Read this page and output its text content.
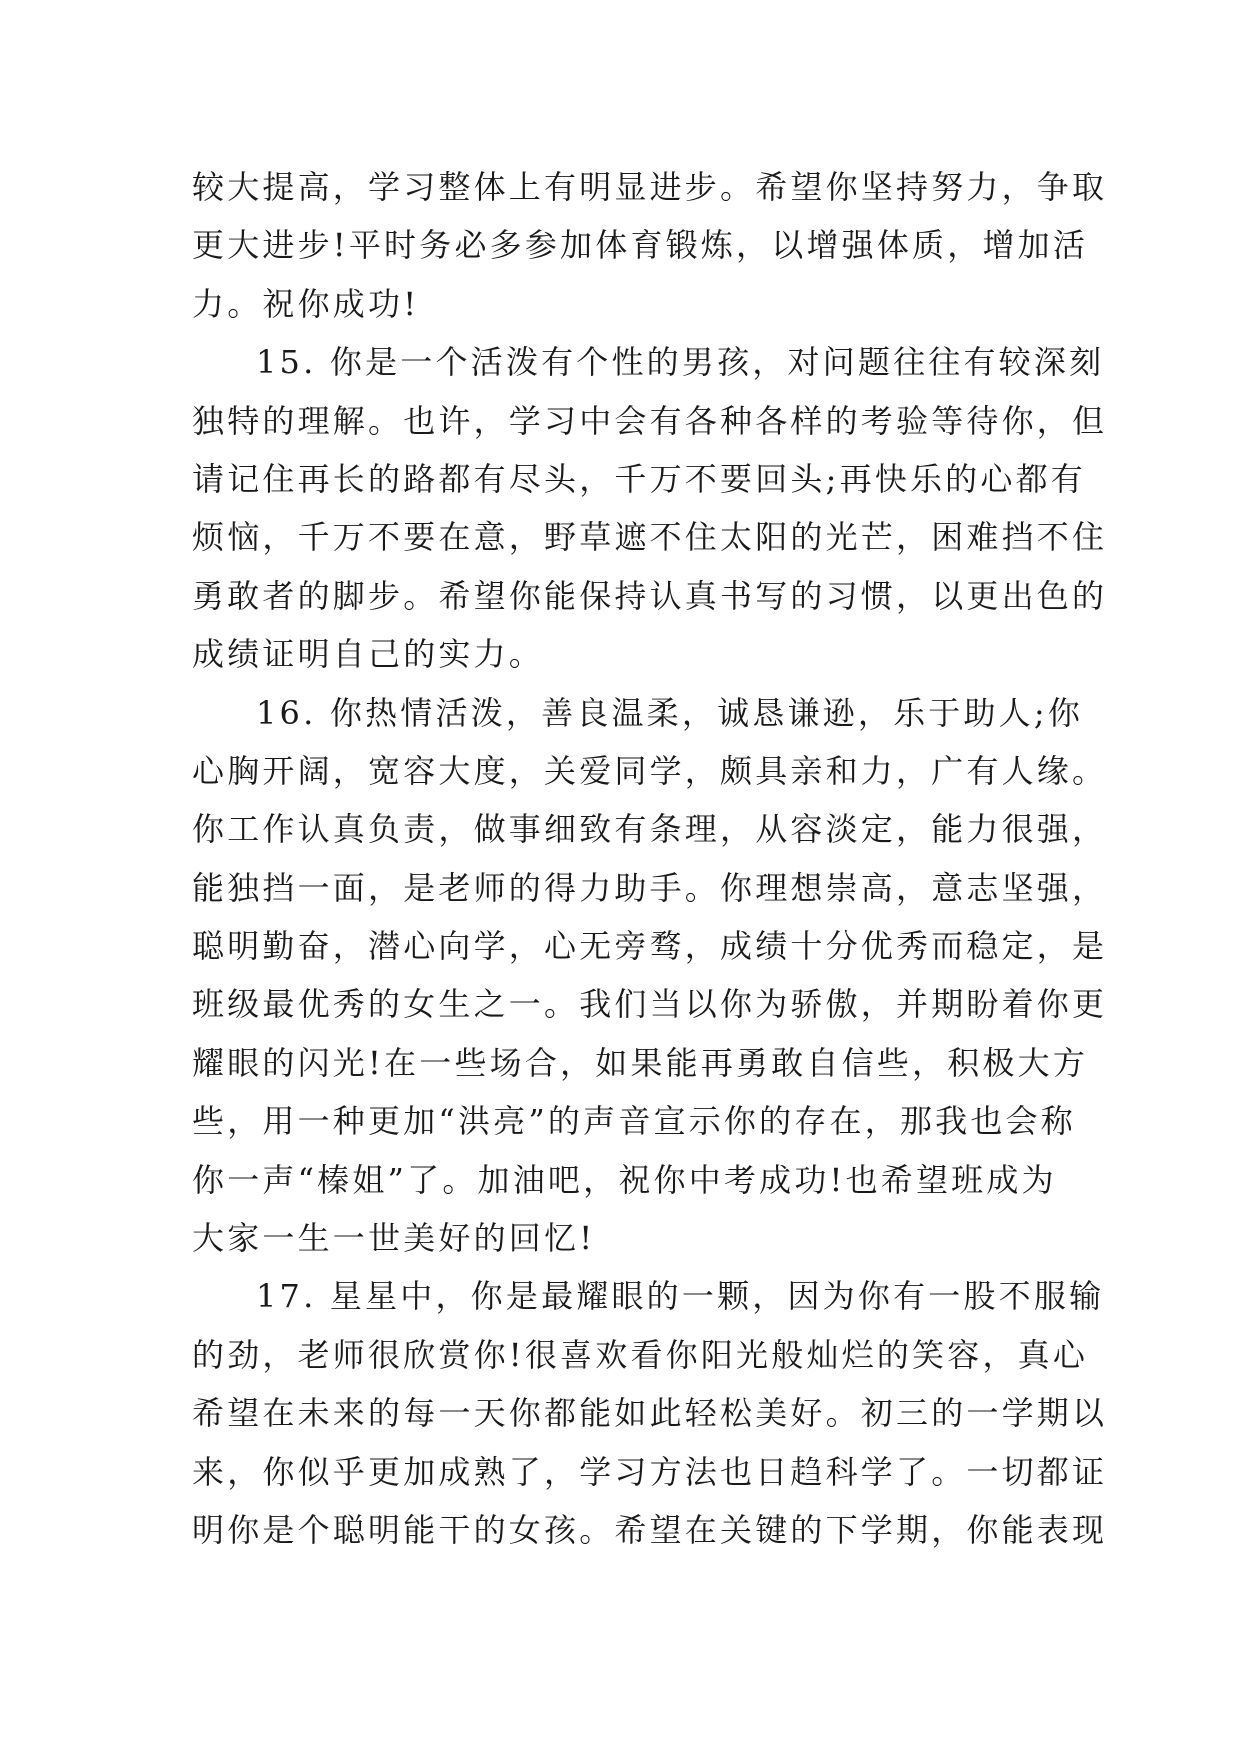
较大提高，学习整体上有明显进步。希望你坚持努力，争取
更大进步!平时务必多参加体育锻炼，以增强体质，增加活
力。祝你成功!
15. 你是一个活泼有个性的男孩，对问题往往有较深刻
独特的理解。也许，学习中会有各种各样的考验等待你，但
请记住再长的路都有尽头，千万不要回头;再快乐的心都有
烦恼，千万不要在意，野草遮不住太阳的光芒，困难挡不住
勇敢者的脚步。希望你能保持认真书写的习惯，以更出色的
成绩证明自己的实力。
16. 你热情活泼，善良温柔，诚恳谦逊，乐于助人;你
心胸开阔，宽容大度，关爱同学，颇具亲和力，广有人缘。
你工作认真负责，做事细致有条理，从容淡定，能力很强，
能独挡一面，是老师的得力助手。你理想崇高，意志坚强，
聪明勤奋，潜心向学，心无旁骛，成绩十分优秀而稳定，是
班级最优秀的女生之一。我们当以你为骄傲，并期盼着你更
耀眼的闪光!在一些场合，如果能再勇敢自信些，积极大方
些，用一种更加“洪亮”的声音宣示你的存在，那我也会称
你一声“榛姐”了。加油吧，祝你中考成功!也希望班成为
大家一生一世美好的回忆!
17. 星星中，你是最耀眼的一颗，因为你有一股不服输
的劲，老师很欣赏你!很喜欢看你阳光般灿烂的笑容，真心
希望在未来的每一天你都能如此轻松美好。初三的一学期以
来，你似乎更加成熟了，学习方法也日趋科学了。一切都证
明你是个聪明能干的女孩。希望在关键的下学期，你能表现
